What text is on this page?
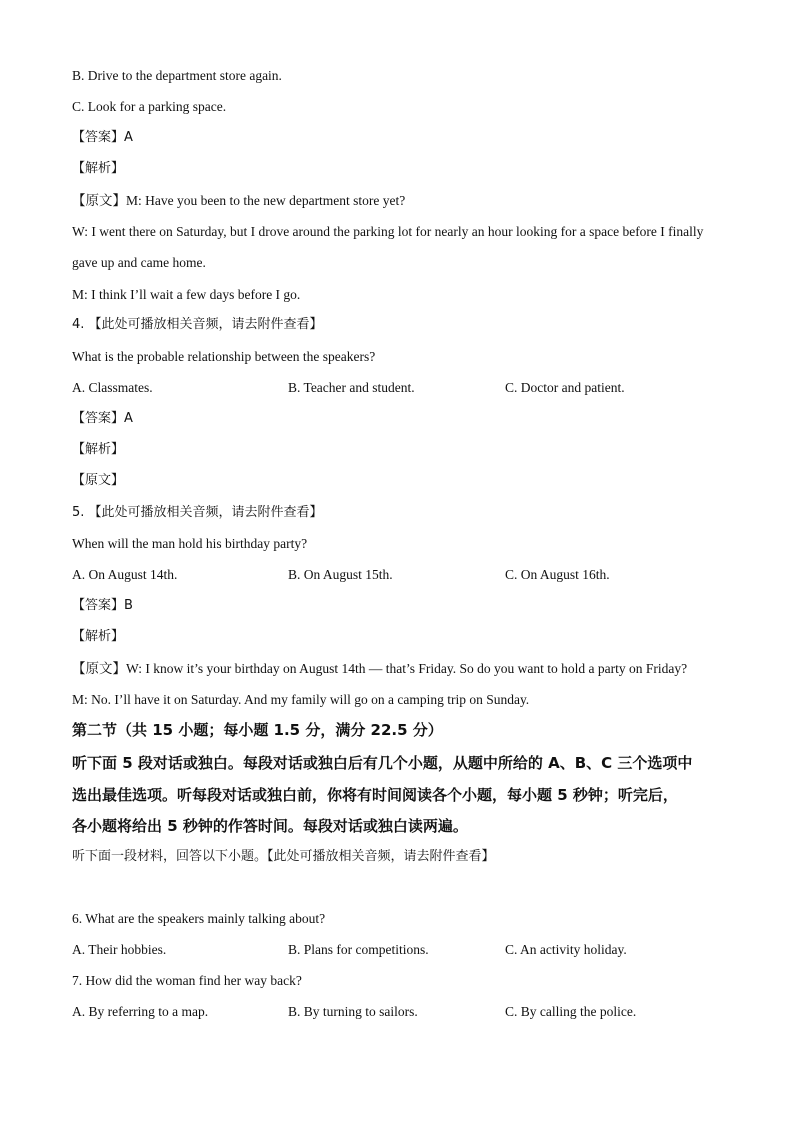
B. Drive to the department store again.
C. Look for a parking space.
【答案】A
【解析】
【原文】M: Have you been to the new department store yet?
W: I went there on Saturday, but I drove around the parking lot for nearly an hour looking for a space before I finally
gave up and came home.
M: I think I’ll wait a few days before I go.
4. 【此处可播放相关音频，请去附件查看】
What is the probable relationship between the speakers?
A. Classmates.	B. Teacher and student.	C. Doctor and patient.
【答案】A
【解析】
【原文】
5. 【此处可播放相关音频，请去附件查看】
When will the man hold his birthday party?
A. On August 14th.	B. On August 15th.	C. On August 16th.
【答案】B
【解析】
【原文】W: I know it’s your birthday on August 14th — that’s Friday. So do you want to hold a party on Friday?
M: No. I’ll have it on Saturday. And my family will go on a camping trip on Sunday.
第二节（共 15 小题；每小题 1.5 分，满分 22.5 分）
听下面 5 段对话或独白。每段对话或独白后有几个小题，从题中所给的 A、B、C 三个选项中
选出最佳选项。听每段对话或独白前，你将有时间阅读各个小题，每小题 5 秒钟；听完后，
各小题将给出 5 秒钟的作答时间。每段对话或独白读两遍。
听下面一段材料，回答以下小题。【此处可播放相关音频，请去附件查看】
6. What are the speakers mainly talking about?
A. Their hobbies.	B. Plans for competitions.	C. An activity holiday.
7. How did the woman find her way back?
A. By referring to a map.	B. By turning to sailors.	C. By calling the police.
